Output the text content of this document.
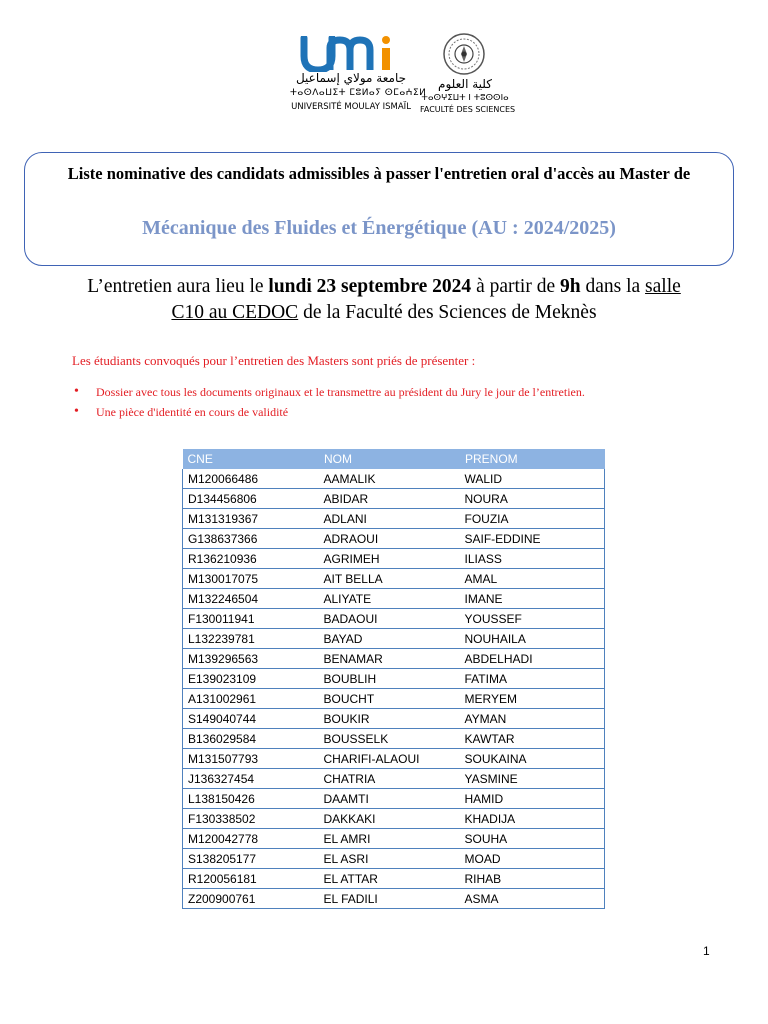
جامعة مولاي إسماعيل
ⵜⴰⵙⴷⴰⵡⵉⵜ ⵎⵓⵍⴰⵢ ⵙⵎⴰⵄⵉⵍ
UNIVERSITÉ MOULAY ISMAÏL
كلية العلوم
ⵜⴰⵙⵖⵉⵡⵜ ⵏ ⵜⵓⵙⵙⵏⴰ
FACULTÉ DES SCIENCES
Liste nominative des candidats admissibles à passer l'entretien oral d'accès au Master de
Mécanique des Fluides et Énergétique (AU : 2024/2025)
L’entretien aura lieu le lundi 23 septembre 2024 à partir de 9h dans la salle
C10 au CEDOC de la Faculté des Sciences de Meknès
Les étudiants convoqués pour l’entretien des Masters sont priés de présenter :
• Dossier avec tous les documents originaux et le transmettre au président du Jury le jour de l’entretien.
• Une pièce d'identité en cours de validité
CNE	NOM	PRENOM
M120066486	AAMALIK	WALID
D134456806	ABIDAR	NOURA
M131319367	ADLANI	FOUZIA
G138637366	ADRAOUI	SAIF-EDDINE
R136210936	AGRIMEH	ILIASS
M130017075	AIT BELLA	AMAL
M132246504	ALIYATE	IMANE
F130011941	BADAOUI	YOUSSEF
L132239781	BAYAD	NOUHAILA
M139296563	BENAMAR	ABDELHADI
E139023109	BOUBLIH	FATIMA
A131002961	BOUCHT	MERYEM
S149040744	BOUKIR	AYMAN
B136029584	BOUSSELK	KAWTAR
M131507793	CHARIFI-ALAOUI	SOUKAINA
J136327454	CHATRIA	YASMINE
L138150426	DAAMTI	HAMID
F130338502	DAKKAKI	KHADIJA
M120042778	EL AMRI	SOUHA
S138205177	EL ASRI	MOAD
R120056181	EL ATTAR	RIHAB
Z200900761	EL FADILI	ASMA
1
